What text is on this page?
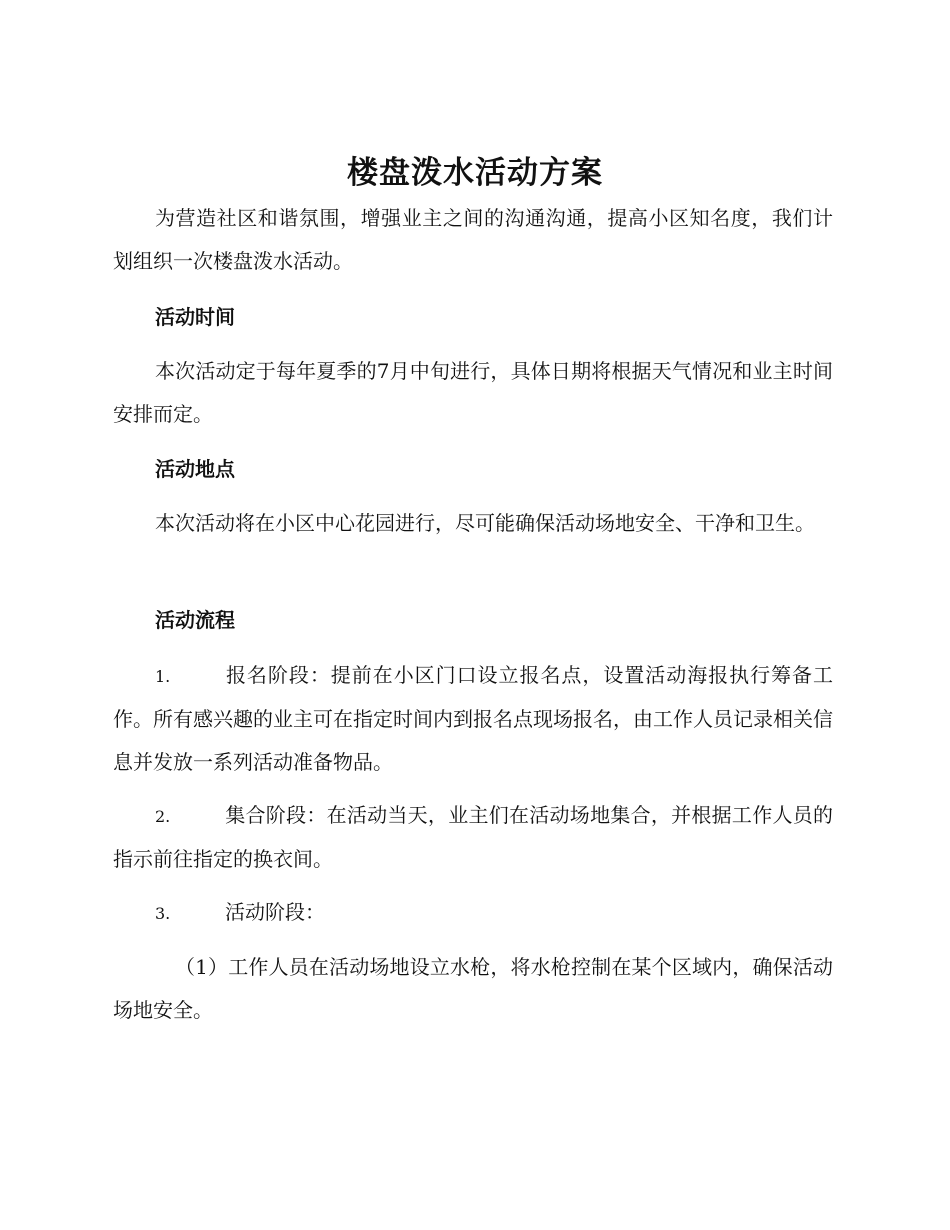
楼盘泼水活动方案

为营造社区和谐氛围，增强业主之间的沟通沟通，提高小区知名度，我们计划组织一次楼盘泼水活动。

活动时间

本次活动定于每年夏季的7月中旬进行，具体日期将根据天气情况和业主时间安排而定。

活动地点

本次活动将在小区中心花园进行，尽可能确保活动场地安全、干净和卫生。

活动流程

1.	报名阶段：提前在小区门口设立报名点，设置活动海报执行筹备工作。所有感兴趣的业主可在指定时间内到报名点现场报名，由工作人员记录相关信息并发放一系列活动准备物品。

2.	集合阶段：在活动当天，业主们在活动场地集合，并根据工作人员的指示前往指定的换衣间。

3.	活动阶段：

（1）工作人员在活动场地设立水枪，将水枪控制在某个区域内，确保活动场地安全。
